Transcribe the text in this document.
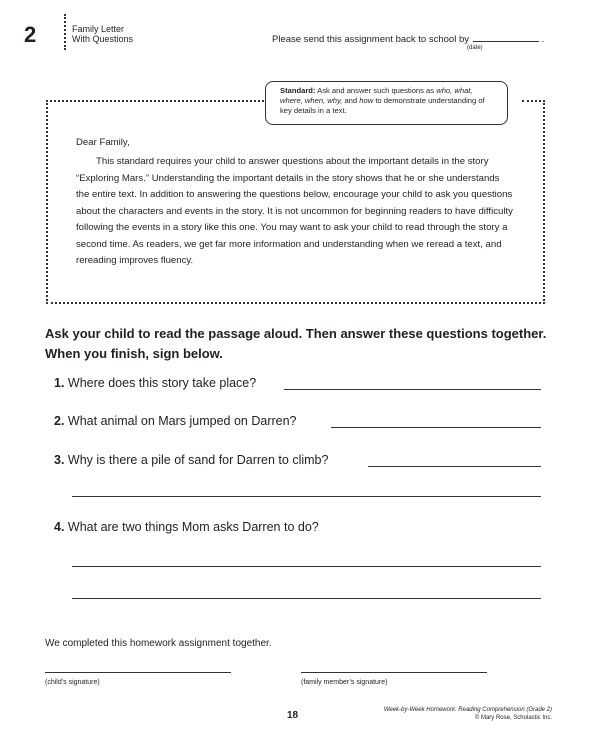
2	Family Letter
With Questions	Please send this assignment back to school by	.
(date)
Standard: Ask and answer such questions as who, what, where, when, why, and how to demonstrate understanding of key details in a text.
Dear Family,
This standard requires your child to answer questions about the important details in the story “Exploring Mars.” Understanding the important details in the story shows that he or she understands the entire text. In addition to answering the questions below, encourage your child to ask you questions about the characters and events in the story. It is not uncommon for beginning readers to have difficulty following the events in a story like this one. You may want to ask your child to read through the story a second time. As readers, we get far more information and understanding when we reread a text, and rereading improves fluency.
Ask your child to read the passage aloud. Then answer these questions together. When you finish, sign below.
1. Where does this story take place?
2. What animal on Mars jumped on Darren?
3. Why is there a pile of sand for Darren to climb?
4. What are two things Mom asks Darren to do?
We completed this homework assignment together.
(child’s signature)	(family member’s signature)
18	Week-by-Week Homework: Reading Comprehension (Grade 2)
© Mary Rose, Scholastic Inc.
